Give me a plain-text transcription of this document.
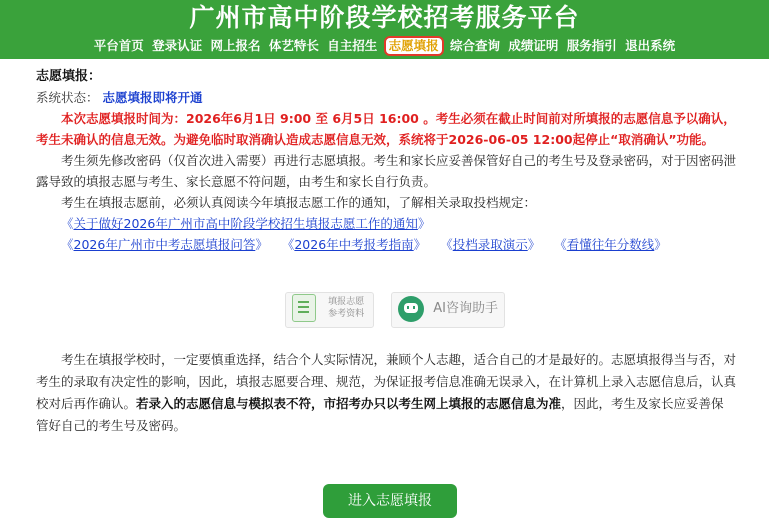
广州市高中阶段学校招考服务平台
平台首页 登录认证 网上报名 体艺特长 自主招生 志愿填报 综合查询 成绩证明 服务指引 退出系统
志愿填报：
系统状态： 志愿填报即将开通

本次志愿填报时间为：2026年6月1日 9:00 至 6月5日 16:00 。考生必须在截止时间前对所填报的志愿信息予以确认，考生未确认的信息无效。为避免临时取消确认造成志愿信息无效，系统将于2026-06-05 12:00起停止“取消确认”功能。

考生须先修改密码（仅首次进入需要）再进行志愿填报。考生和家长应妥善保管好自己的考生号及登录密码，对于因密码泄露导致的填报志愿与考生、家长意愿不符问题，由考生和家长自行负责。

考生在填报志愿前，必须认真阅读今年填报志愿工作的通知，了解相关录取投档规定：

《关于做好2026年广州市高中阶段学校招生填报志愿工作的通知》

《2026年广州市中考志愿填报问答》 《2026年中考报考指南》 《投档录取演示》 《看懂往年分数线》

填报志愿
参考资料	AI咨询助手

考生在填报学校时，一定要慎重选择，结合个人实际情况，兼顾个人志趣，适合自己的才是最好的。志愿填报得当与否，对考生的录取有决定性的影响，因此，填报志愿要合理、规范，为保证报考信息准确无误录入，在计算机上录入志愿信息后，认真校对后再作确认。若录入的志愿信息与模拟表不符，市招考办只以考生网上填报的志愿信息为准，因此，考生及家长应妥善保管好自己的考生号及密码。

进入志愿填报
